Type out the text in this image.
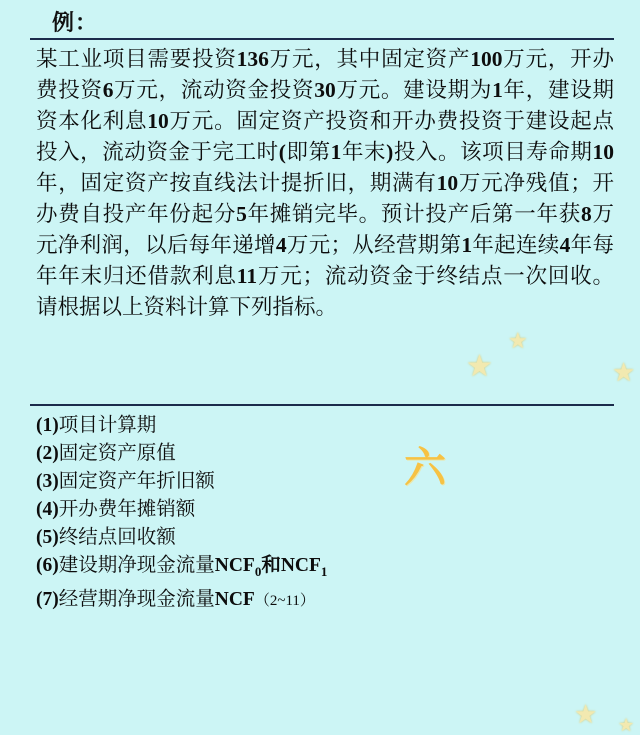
例：
某工业项目需要投资136万元，其中固定资产100万元，开办费投资6万元，流动资金投资30万元。建设期为1年，建设期资本化利息10万元。固定资产投资和开办费投资于建设起点投入，流动资金于完工时(即第1年末)投入。该项目寿命期10年，固定资产按直线法计提折旧，期满有10万元净残值；开办费自投产年份起分5年摊销完毕。预计投产后第一年获8万元净利润，以后每年递增4万元；从经营期第1年起连续4年每年年末归还借款利息11万元；流动资金于终结点一次回收。请根据以上资料计算下列指标。
(1)项目计算期
(2)固定资产原值
(3)固定资产年折旧额
(4)开办费年摊销额
(5)终结点回收额
(6)建设期净现金流量$NCF_0$和$NCF_1$
(7)经营期净现金流量NCF（2~11）
六
★
★
★
★ ★
